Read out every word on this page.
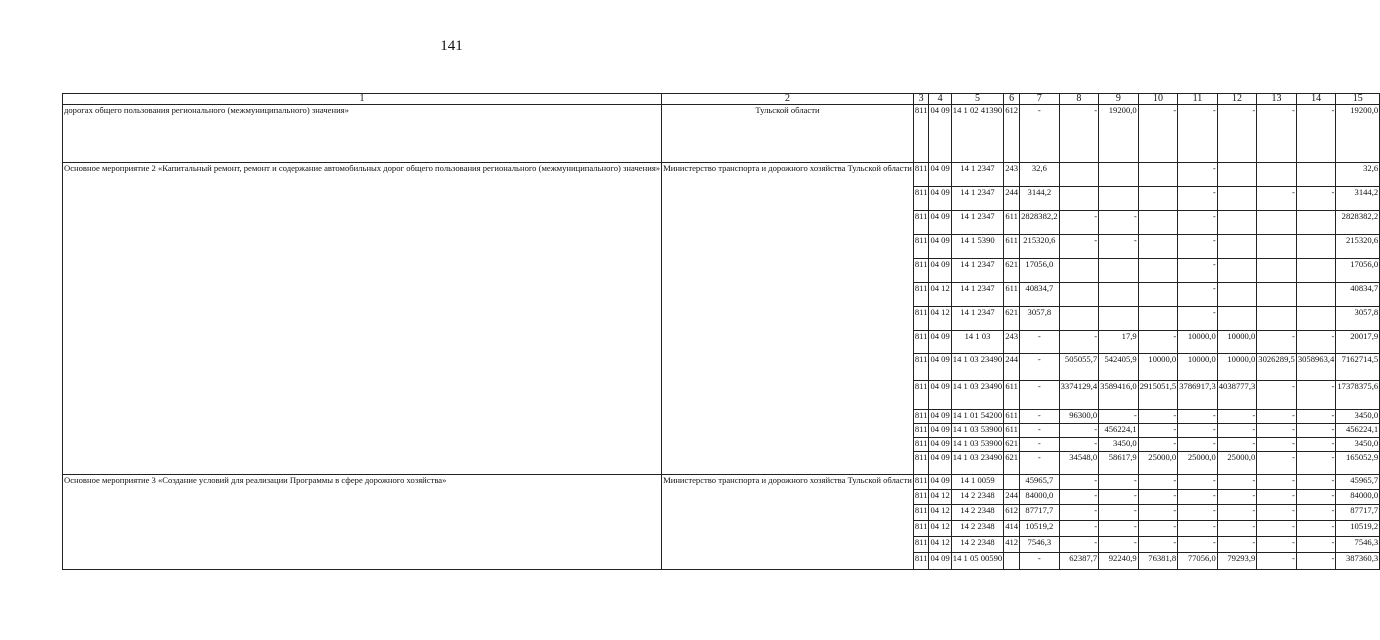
141
1	2	3	4	5	6	7	8	9	10	11	12	13	14	15
дорогах общего пользования регионального (межмуниципального) значения»	Тульской области	811	04 09	14 1 02 41390	612	-	-	19200,0	-	-	-	-	-	19200,0
Основное мероприятие 2 «Капитальный ремонт, ремонт и содержание автомобильных дорог общего пользования регионального (межмуниципального) значения»	Министерство транспорта и дорожного хозяйства Тульской области	811	04 09	14 1 2347	243	32,6				-				32,6
		811	04 09	14 1 2347	244	3144,2				-		-	-	3144,2
		811	04 09	14 1 2347	611	2828382,2	-	-		-				2828382,2
		811	04 09	14 1 5390	611	215320,6	-	-		-				215320,6
		811	04 09	14 1 2347	621	17056,0				-				17056,0
		811	04 12	14 1 2347	611	40834,7				-				40834,7
		811	04 12	14 1 2347	621	3057,8				-				3057,8
		811	04 09	14 1 03	243	-	-	17,9	-	10000,0	10000,0	-	-	20017,9
		811	04 09	14 1 03 23490	244	-	505055,7	542405,9	10000,0	10000,0	10000,0	3026289,5	3058963,4	7162714,5
		811	04 09	14 1 03 23490	611	-	3374129,4	3589416,0	2915051,5	3786917,3	4038777,3	-	-	17378375,6
		811	04 09	14 1 01 54200	611	-	96300,0	-	-	-	-	-	-	3450,0
		811	04 09	14 1 03 53900	611	-	-	456224,1	-	-	-	-	-	456224,1
		811	04 09	14 1 03 53900	621	-	-	3450,0	-	-	-	-	-	3450,0
		811	04 09	14 1 03 23490	621	-	34548,0	58617,9	25000,0	25000,0	25000,0	-	-	165052,9
Основное мероприятие 3 «Создание условий для реализации Программы в сфере дорожного хозяйства»	Министерство транспорта и дорожного хозяйства Тульской области	811	04 09	14 1 0059		45965,7	-	-	-	-	-	-	-	45965,7
		811	04 12	14 2 2348	244	84000,0	-	-	-	-	-	-	-	84000,0
		811	04 12	14 2 2348	612	87717,7	-	-	-	-	-	-	-	87717,7
		811	04 12	14 2 2348	414	10519,2	-	-	-	-	-	-	-	10519,2
		811	04 12	14 2 2348	412	7546,3	-	-	-	-	-	-	-	7546,3
		811	04 09	14 1 05 00590		-	62387,7	92240,9	76381,8	77056,0	79293,9	-	-	387360,3
